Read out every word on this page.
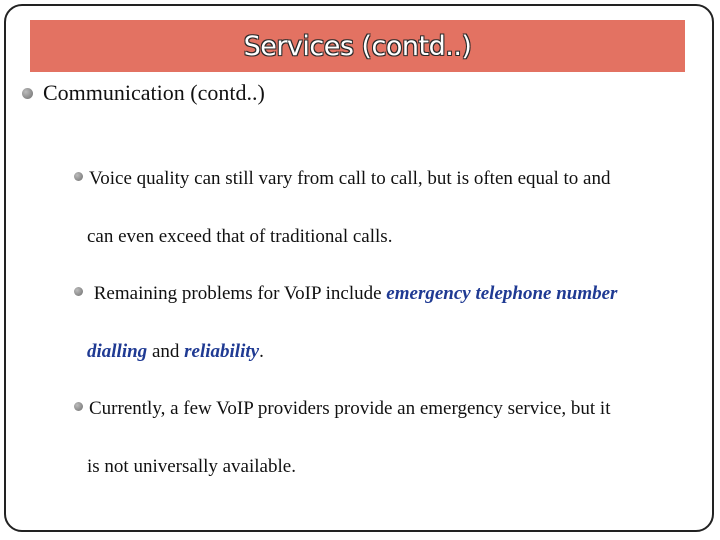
Services (contd..)
Communication (contd..)
Voice quality can still vary from call to call, but is often equal to and
can even exceed that of traditional calls.
Remaining problems for VoIP include emergency telephone number
dialling and reliability.
Currently, a few VoIP providers provide an emergency service, but it
is not universally available.
